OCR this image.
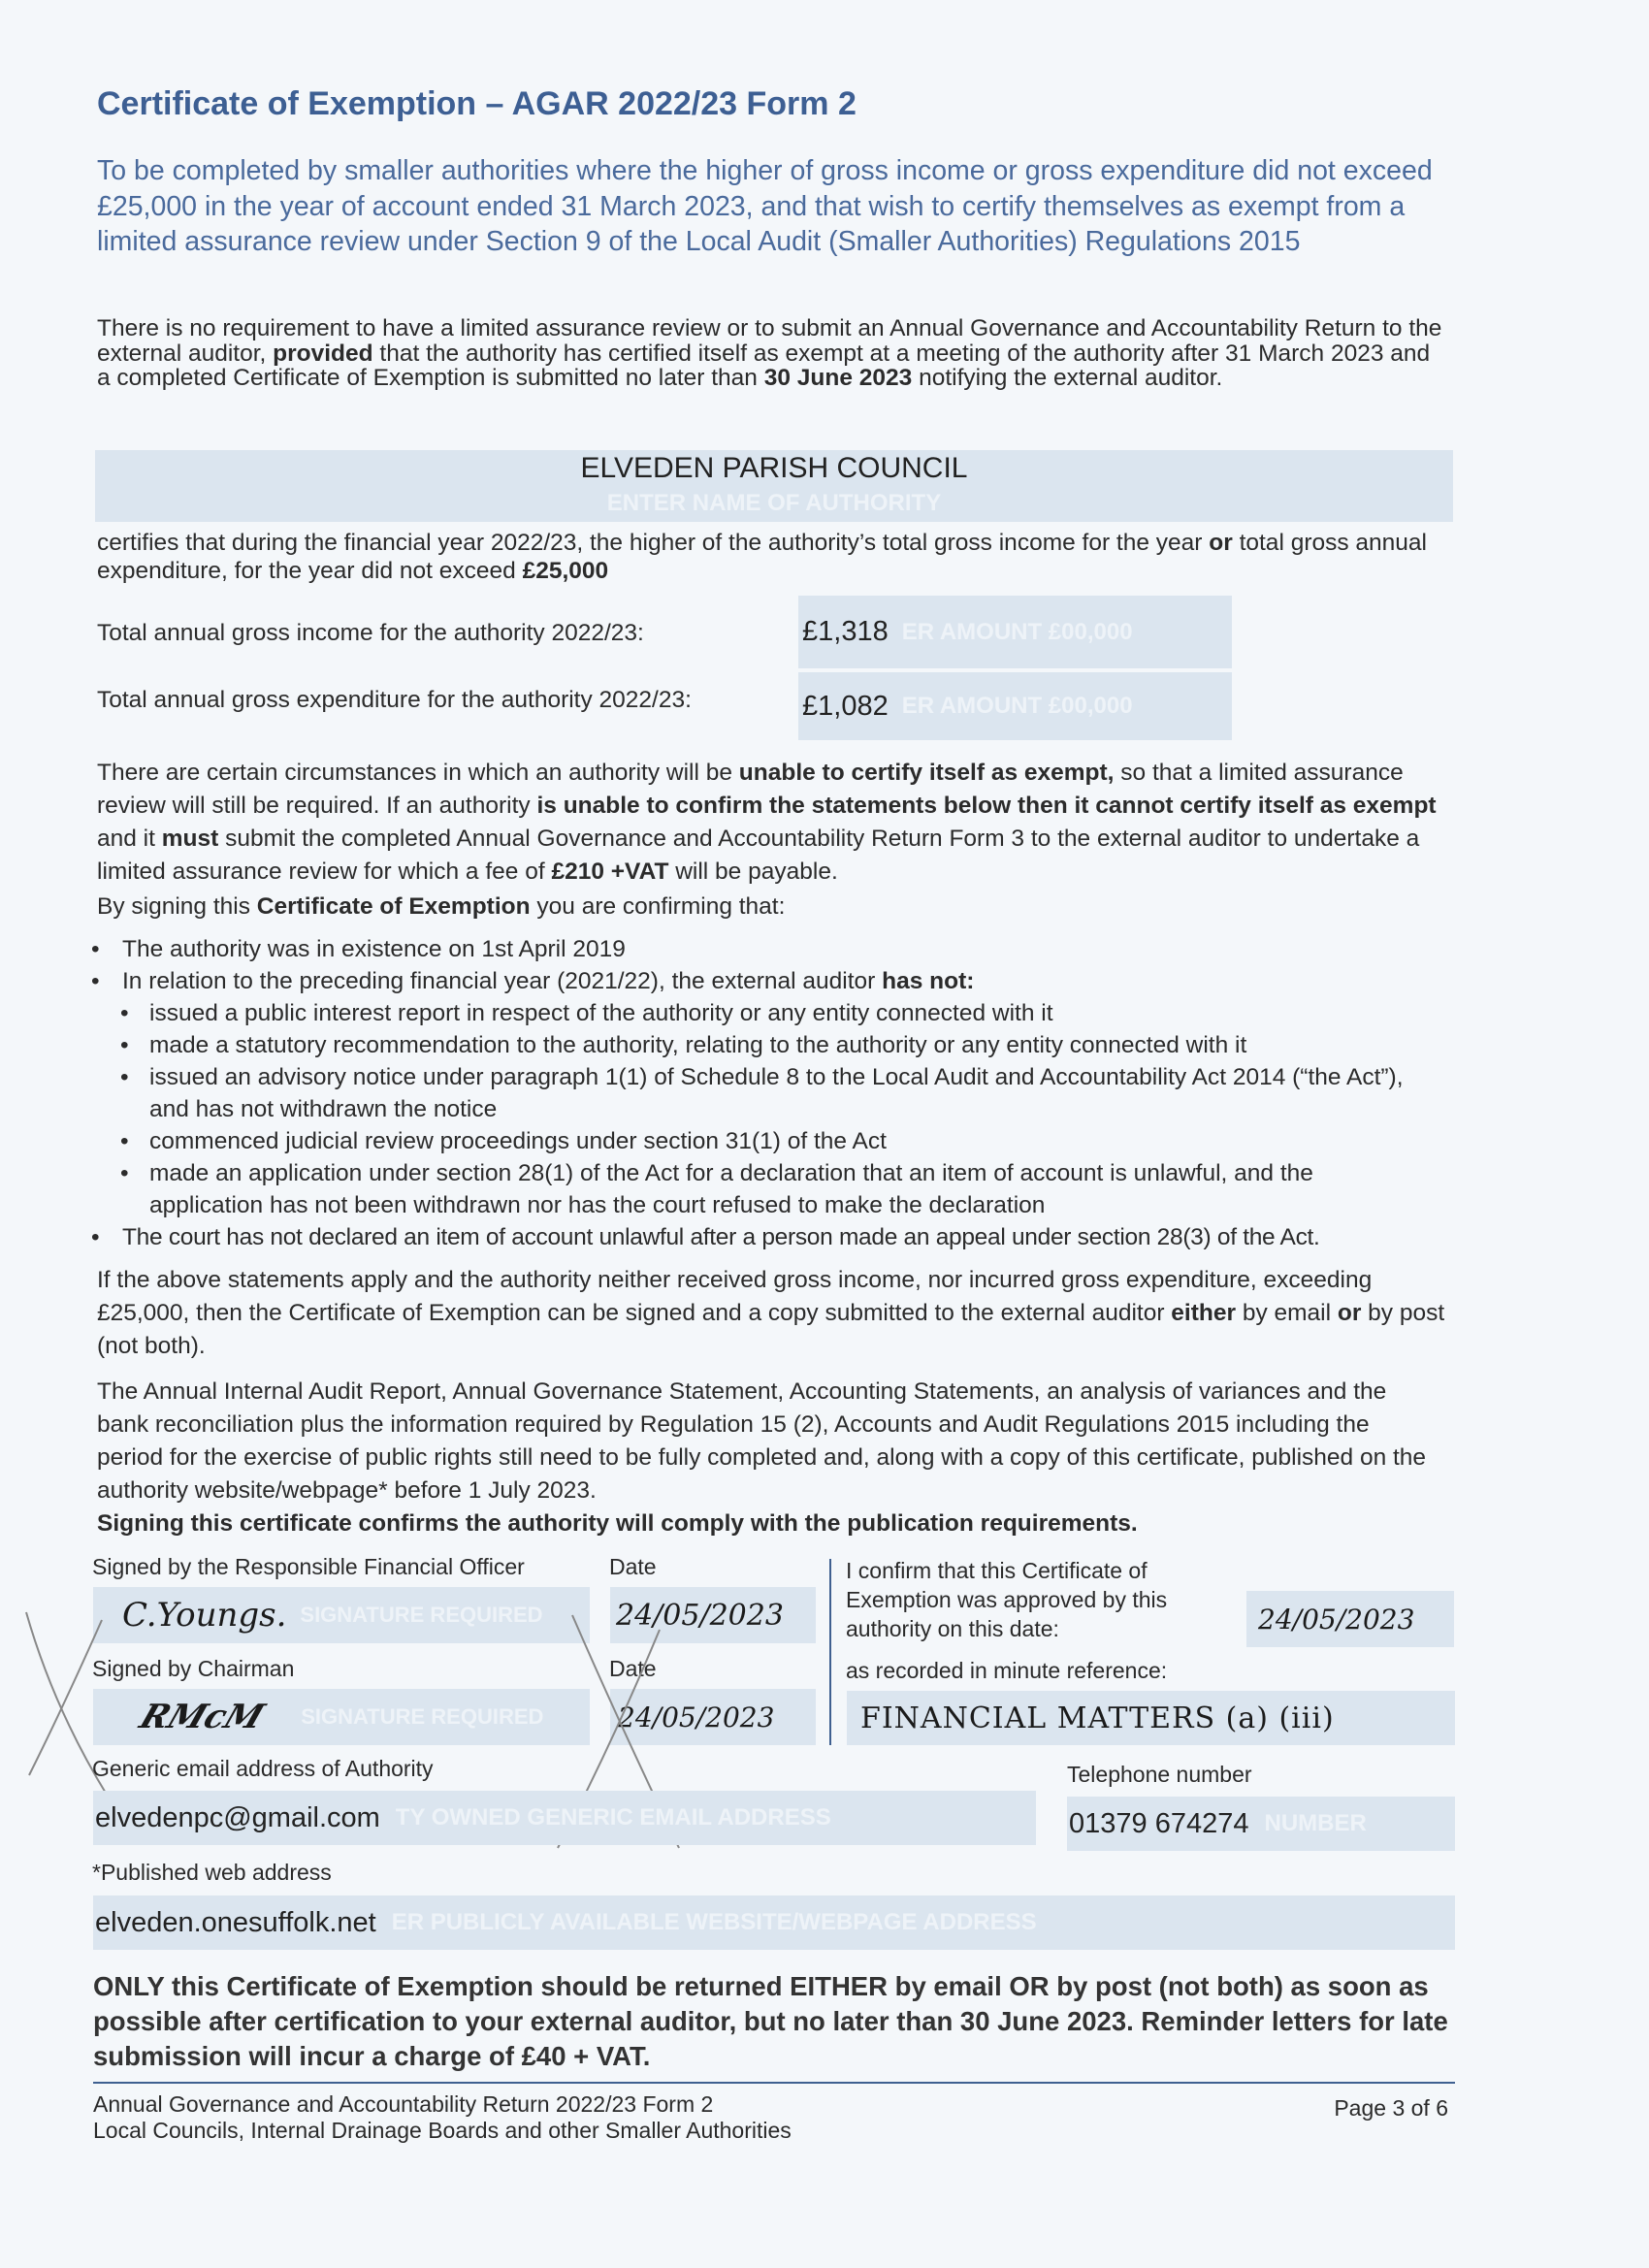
Certificate of Exemption – AGAR 2022/23 Form 2
To be completed by smaller authorities where the higher of gross income or gross expenditure did not exceed £25,000 in the year of account ended 31 March 2023, and that wish to certify themselves as exempt from a limited assurance review under Section 9 of the Local Audit (Smaller Authorities) Regulations 2015
There is no requirement to have a limited assurance review or to submit an Annual Governance and Accountability Return to the external auditor, provided that the authority has certified itself as exempt at a meeting of the authority after 31 March 2023 and a completed Certificate of Exemption is submitted no later than 30 June 2023 notifying the external auditor.
ELVEDEN PARISH COUNCIL
ENTER NAME OF AUTHORITY
certifies that during the financial year 2022/23, the higher of the authority’s total gross income for the year or total gross annual expenditure, for the year did not exceed £25,000
Total annual gross income for the authority 2022/23:	£1,318 ER AMOUNT £00,000
Total annual gross expenditure for the authority 2022/23:	£1,082 ER AMOUNT £00,000
There are certain circumstances in which an authority will be unable to certify itself as exempt, so that a limited assurance review will still be required. If an authority is unable to confirm the statements below then it cannot certify itself as exempt and it must submit the completed Annual Governance and Accountability Return Form 3 to the external auditor to undertake a limited assurance review for which a fee of £210 +VAT will be payable.
By signing this Certificate of Exemption you are confirming that:
• The authority was in existence on 1st April 2019
• In relation to the preceding financial year (2021/22), the external auditor has not:
• issued a public interest report in respect of the authority or any entity connected with it
• made a statutory recommendation to the authority, relating to the authority or any entity connected with it
• issued an advisory notice under paragraph 1(1) of Schedule 8 to the Local Audit and Accountability Act 2014 (“the Act”), and has not withdrawn the notice
• commenced judicial review proceedings under section 31(1) of the Act
• made an application under section 28(1) of the Act for a declaration that an item of account is unlawful, and the application has not been withdrawn nor has the court refused to make the declaration
• The court has not declared an item of account unlawful after a person made an appeal under section 28(3) of the Act.
If the above statements apply and the authority neither received gross income, nor incurred gross expenditure, exceeding £25,000, then the Certificate of Exemption can be signed and a copy submitted to the external auditor either by email or by post (not both).
The Annual Internal Audit Report, Annual Governance Statement, Accounting Statements, an analysis of variances and the bank reconciliation plus the information required by Regulation 15 (2), Accounts and Audit Regulations 2015 including the period for the exercise of public rights still need to be fully completed and, along with a copy of this certificate, published on the authority website/webpage* before 1 July 2023.
Signing this certificate confirms the authority will comply with the publication requirements.
Signed by the Responsible Financial Officer
C.Youngs. SIGNATURE REQUIRED
Date
24/05/2023
Signed by Chairman
RMcM SIGNATURE REQUIRED
Date
24/05/2023
I confirm that this Certificate of Exemption was approved by this authority on this date:	24/05/2023
as recorded in minute reference:
FINANCIAL MATTERS (a) (iii)
Generic email address of Authority
elvedenpc@gmail.com TY OWNED GENERIC EMAIL ADDRESS
Telephone number
01379 674274 NUMBER
*Published web address
elveden.onesuffolk.net ER PUBLICLY AVAILABLE WEBSITE/WEBPAGE ADDRESS
ONLY this Certificate of Exemption should be returned EITHER by email OR by post (not both) as soon as possible after certification to your external auditor, but no later than 30 June 2023. Reminder letters for late submission will incur a charge of £40 + VAT.
Annual Governance and Accountability Return 2022/23 Form 2
Local Councils, Internal Drainage Boards and other Smaller Authorities
Page 3 of 6
